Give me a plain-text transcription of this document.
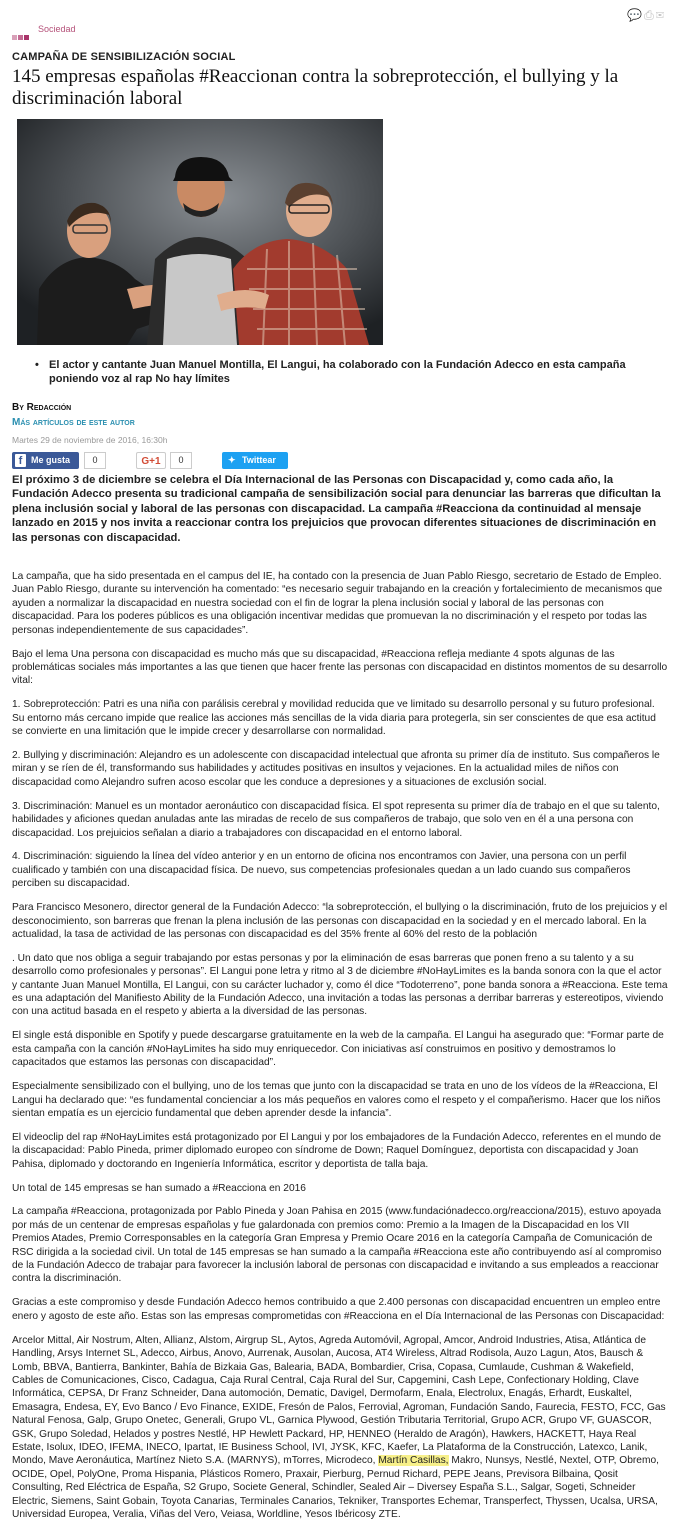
Sociedad
💬⎙✉
CAMPAÑA DE SENSIBILIZACIÓN SOCIAL
145 empresas españolas #Reaccionan contra la sobreprotección, el bullying y la discriminación laboral
• El actor y cantante Juan Manuel Montilla, El Langui, ha colaborado con la Fundación Adecco en esta campaña poniendo voz al rap No hay límites
By Redacción
Más artículos de este autor
Martes 29 de noviembre de 2016, 16:30h
f Me gusta	0	G+1	0	✦ Twittear

El próximo 3 de diciembre se celebra el Día Internacional de las Personas con Discapacidad y, como cada año, la Fundación Adecco presenta su tradicional campaña de sensibilización social para denunciar las barreras que dificultan la plena inclusión social y laboral de las personas con discapacidad. La campaña #Reacciona da continuidad al mensaje lanzado en 2015 y nos invita a reaccionar contra los prejuicios que provocan diferentes situaciones de discriminación en las personas con discapacidad.

La campaña, que ha sido presentada en el campus del IE, ha contado con la presencia de Juan Pablo Riesgo, secretario de Estado de Empleo. Juan Pablo Riesgo, durante su intervención ha comentado: “es necesario seguir trabajando en la creación y fortalecimiento de mecanismos que ayuden a normalizar la discapacidad en nuestra sociedad con el fin de lograr la plena inclusión social y laboral de las personas con discapacidad. Para los poderes públicos es una obligación incentivar medidas que promuevan la no discriminación y el respeto por todas las personas independientemente de sus capacidades”.

Bajo el lema Una persona con discapacidad es mucho más que su discapacidad, #Reacciona refleja mediante 4 spots algunas de las problemáticas sociales más importantes a las que tienen que hacer frente las personas con discapacidad en distintos momentos de su desarrollo vital:

1. Sobreprotección: Patri es una niña con parálisis cerebral y movilidad reducida que ve limitado su desarrollo personal y su futuro profesional. Su entorno más cercano impide que realice las acciones más sencillas de la vida diaria para protegerla, sin ser conscientes de que esa actitud se convierte en una limitación que le impide crecer y desarrollarse con normalidad.

2. Bullying y discriminación: Alejandro es un adolescente con discapacidad intelectual que afronta su primer día de instituto. Sus compañeros le miran y se ríen de él, transformando sus habilidades y actitudes positivas en insultos y vejaciones. En la actualidad miles de niños con discapacidad como Alejandro sufren acoso escolar que les conduce a depresiones y a situaciones de exclusión social.

3. Discriminación: Manuel es un montador aeronáutico con discapacidad física. El spot representa su primer día de trabajo en el que su talento, habilidades y aficiones quedan anuladas ante las miradas de recelo de sus compañeros de trabajo, que solo ven en él a una persona con discapacidad. Los prejuicios señalan a diario a trabajadores con discapacidad en el entorno laboral.

4. Discriminación: siguiendo la línea del vídeo anterior y en un entorno de oficina nos encontramos con Javier, una persona con un perfil cualificado y también con una discapacidad física. De nuevo, sus competencias profesionales quedan a un lado cuando sus compañeros perciben su discapacidad.

Para Francisco Mesonero, director general de la Fundación Adecco: “la sobreprotección, el bullying o la discriminación, fruto de los prejuicios y el desconocimiento, son barreras que frenan la plena inclusión de las personas con discapacidad en la sociedad y en el mercado laboral. En la actualidad, la tasa de actividad de las personas con discapacidad es del 35% frente al 60% del resto de la población

. Un dato que nos obliga a seguir trabajando por estas personas y por la eliminación de esas barreras que ponen freno a su talento y a su desarrollo como profesionales y personas”. El Langui pone letra y ritmo al 3 de diciembre #NoHayLimites es la banda sonora con la que el actor y cantante Juan Manuel Montilla, El Langui, con su carácter luchador y, como él dice “Todoterreno”, pone banda sonora a #Reacciona. Este tema es una adaptación del Manifiesto Ability de la Fundación Adecco, una invitación a todas las personas a derribar barreras y estereotipos, viviendo con una actitud basada en el respeto y abierta a la diversidad de las personas.

El single está disponible en Spotify y puede descargarse gratuitamente en la web de la campaña. El Langui ha asegurado que: “Formar parte de esta campaña con la canción #NoHayLimites ha sido muy enriquecedor. Con iniciativas así construimos en positivo y demostramos lo capacitados que estamos las personas con discapacidad”.

Especialmente sensibilizado con el bullying, uno de los temas que junto con la discapacidad se trata en uno de los vídeos de la #Reacciona, El Langui ha declarado que: “es fundamental concienciar a los más pequeños en valores como el respeto y el compañerismo. Hacer que los niños sientan empatía es un ejercicio fundamental que deben aprender desde la infancia”.

El videoclip del rap #NoHayLimites está protagonizado por El Langui y por los embajadores de la Fundación Adecco, referentes en el mundo de la discapacidad: Pablo Pineda, primer diplomado europeo con síndrome de Down; Raquel Domínguez, deportista con discapacidad y Joan Pahisa, diplomado y doctorando en Ingeniería Informática, escritor y deportista de talla baja.

Un total de 145 empresas se han sumado a #Reacciona en 2016

La campaña #Reacciona, protagonizada por Pablo Pineda y Joan Pahisa en 2015 (www.fundaciónadecco.org/reacciona/2015), estuvo apoyada por más de un centenar de empresas españolas y fue galardonada con premios como: Premio a la Imagen de la Discapacidad en los VII Premios Atades, Premio Corresponsables en la categoría Gran Empresa y Premio Ocare 2016 en la categoría Campaña de Comunicación de RSC dirigida a la sociedad civil. Un total de 145 empresas se han sumado a la campaña #Reacciona este año contribuyendo así al compromiso de la Fundación Adecco de trabajar para favorecer la inclusión laboral de personas con discapacidad e invitando a sus empleados a reaccionar contra la discriminación.

Gracias a este compromiso y desde Fundación Adecco hemos contribuido a que 2.400 personas con discapacidad encuentren un empleo entre enero y agosto de este año. Estas son las empresas comprometidas con #Reacciona en el Día Internacional de las Personas con Discapacidad:

Arcelor Mittal, Air Nostrum, Alten, Allianz, Alstom, Airgrup SL, Aytos, Agreda Automóvil, Agropal, Amcor, Android Industries, Atisa, Atlántica de Handling, Arsys Internet SL, Adecco, Airbus, Anovo, Aurrenak, Ausolan, Aucosa, AT4 Wireless, Altrad Rodisola, Auzo Lagun, Atos, Bausch & Lomb, BBVA, Bantierra, Bankinter, Bahía de Bizkaia Gas, Balearia, BADA, Bombardier, Crisa, Copasa, Cumlaude, Cushman & Wakefield, Cables de Comunicaciones, Cisco, Cadagua, Caja Rural Central, Caja Rural del Sur, Capgemini, Cash Lepe, Confectionary Holding, Clave Informática, CEPSA, Dr Franz Schneider, Dana automoción, Dematic, Davigel, Dermofarm, Enala, Electrolux, Enagás, Erhardt, Euskaltel, Emasagra, Endesa, EY, Evo Banco / Evo Finance, EXIDE, Fresón de Palos, Ferrovial, Agroman, Fundación Sando, Faurecia, FESTO, FCC, Gas Natural Fenosa, Galp, Grupo Onetec, Generali, Grupo VL, Garnica Plywood, Gestión Tributaria Territorial, Grupo ACR, Grupo VF, GUASCOR, GSK, Grupo Soledad, Helados y postres Nestlé, HP Hewlett Packard, HP, HENNEO (Heraldo de Aragón), Hawkers, HACKETT, Haya Real Estate, Isolux, IDEO, IFEMA, INECO, Ipartat, IE Business School, IVI, JYSK, KFC, Kaefer, La Plataforma de la Construcción, Latexco, Lanik, Mondo, Mave Aeronáutica, Martínez Nieto S.A. (MARNYS), mTorres, Microdeco, Martín Casillas, Makro, Nunsys, Nestlé, Nextel, OTP, Obremo, OCIDE, Opel, PolyOne, Proma Hispania, Plásticos Romero, Praxair, Pierburg, Pernud Richard, PEPE Jeans, Previsora Bilbaina, Qosit Consulting, Red Eléctrica de España, S2 Grupo, Societe General, Schindler, Sealed Air – Diversey España S.L., Salgar, Sogeti, Schneider Electric, Siemens, Saint Gobain, Toyota Canarias, Terminales Canarios, Tekniker, Transportes Echemar, Transperfect, Thyssen, Ucalsa, URSA, Universidad Europea, Veralia, Viñas del Vero, Veiasa, Worldline, Yesos Ibéricosy ZTE.
